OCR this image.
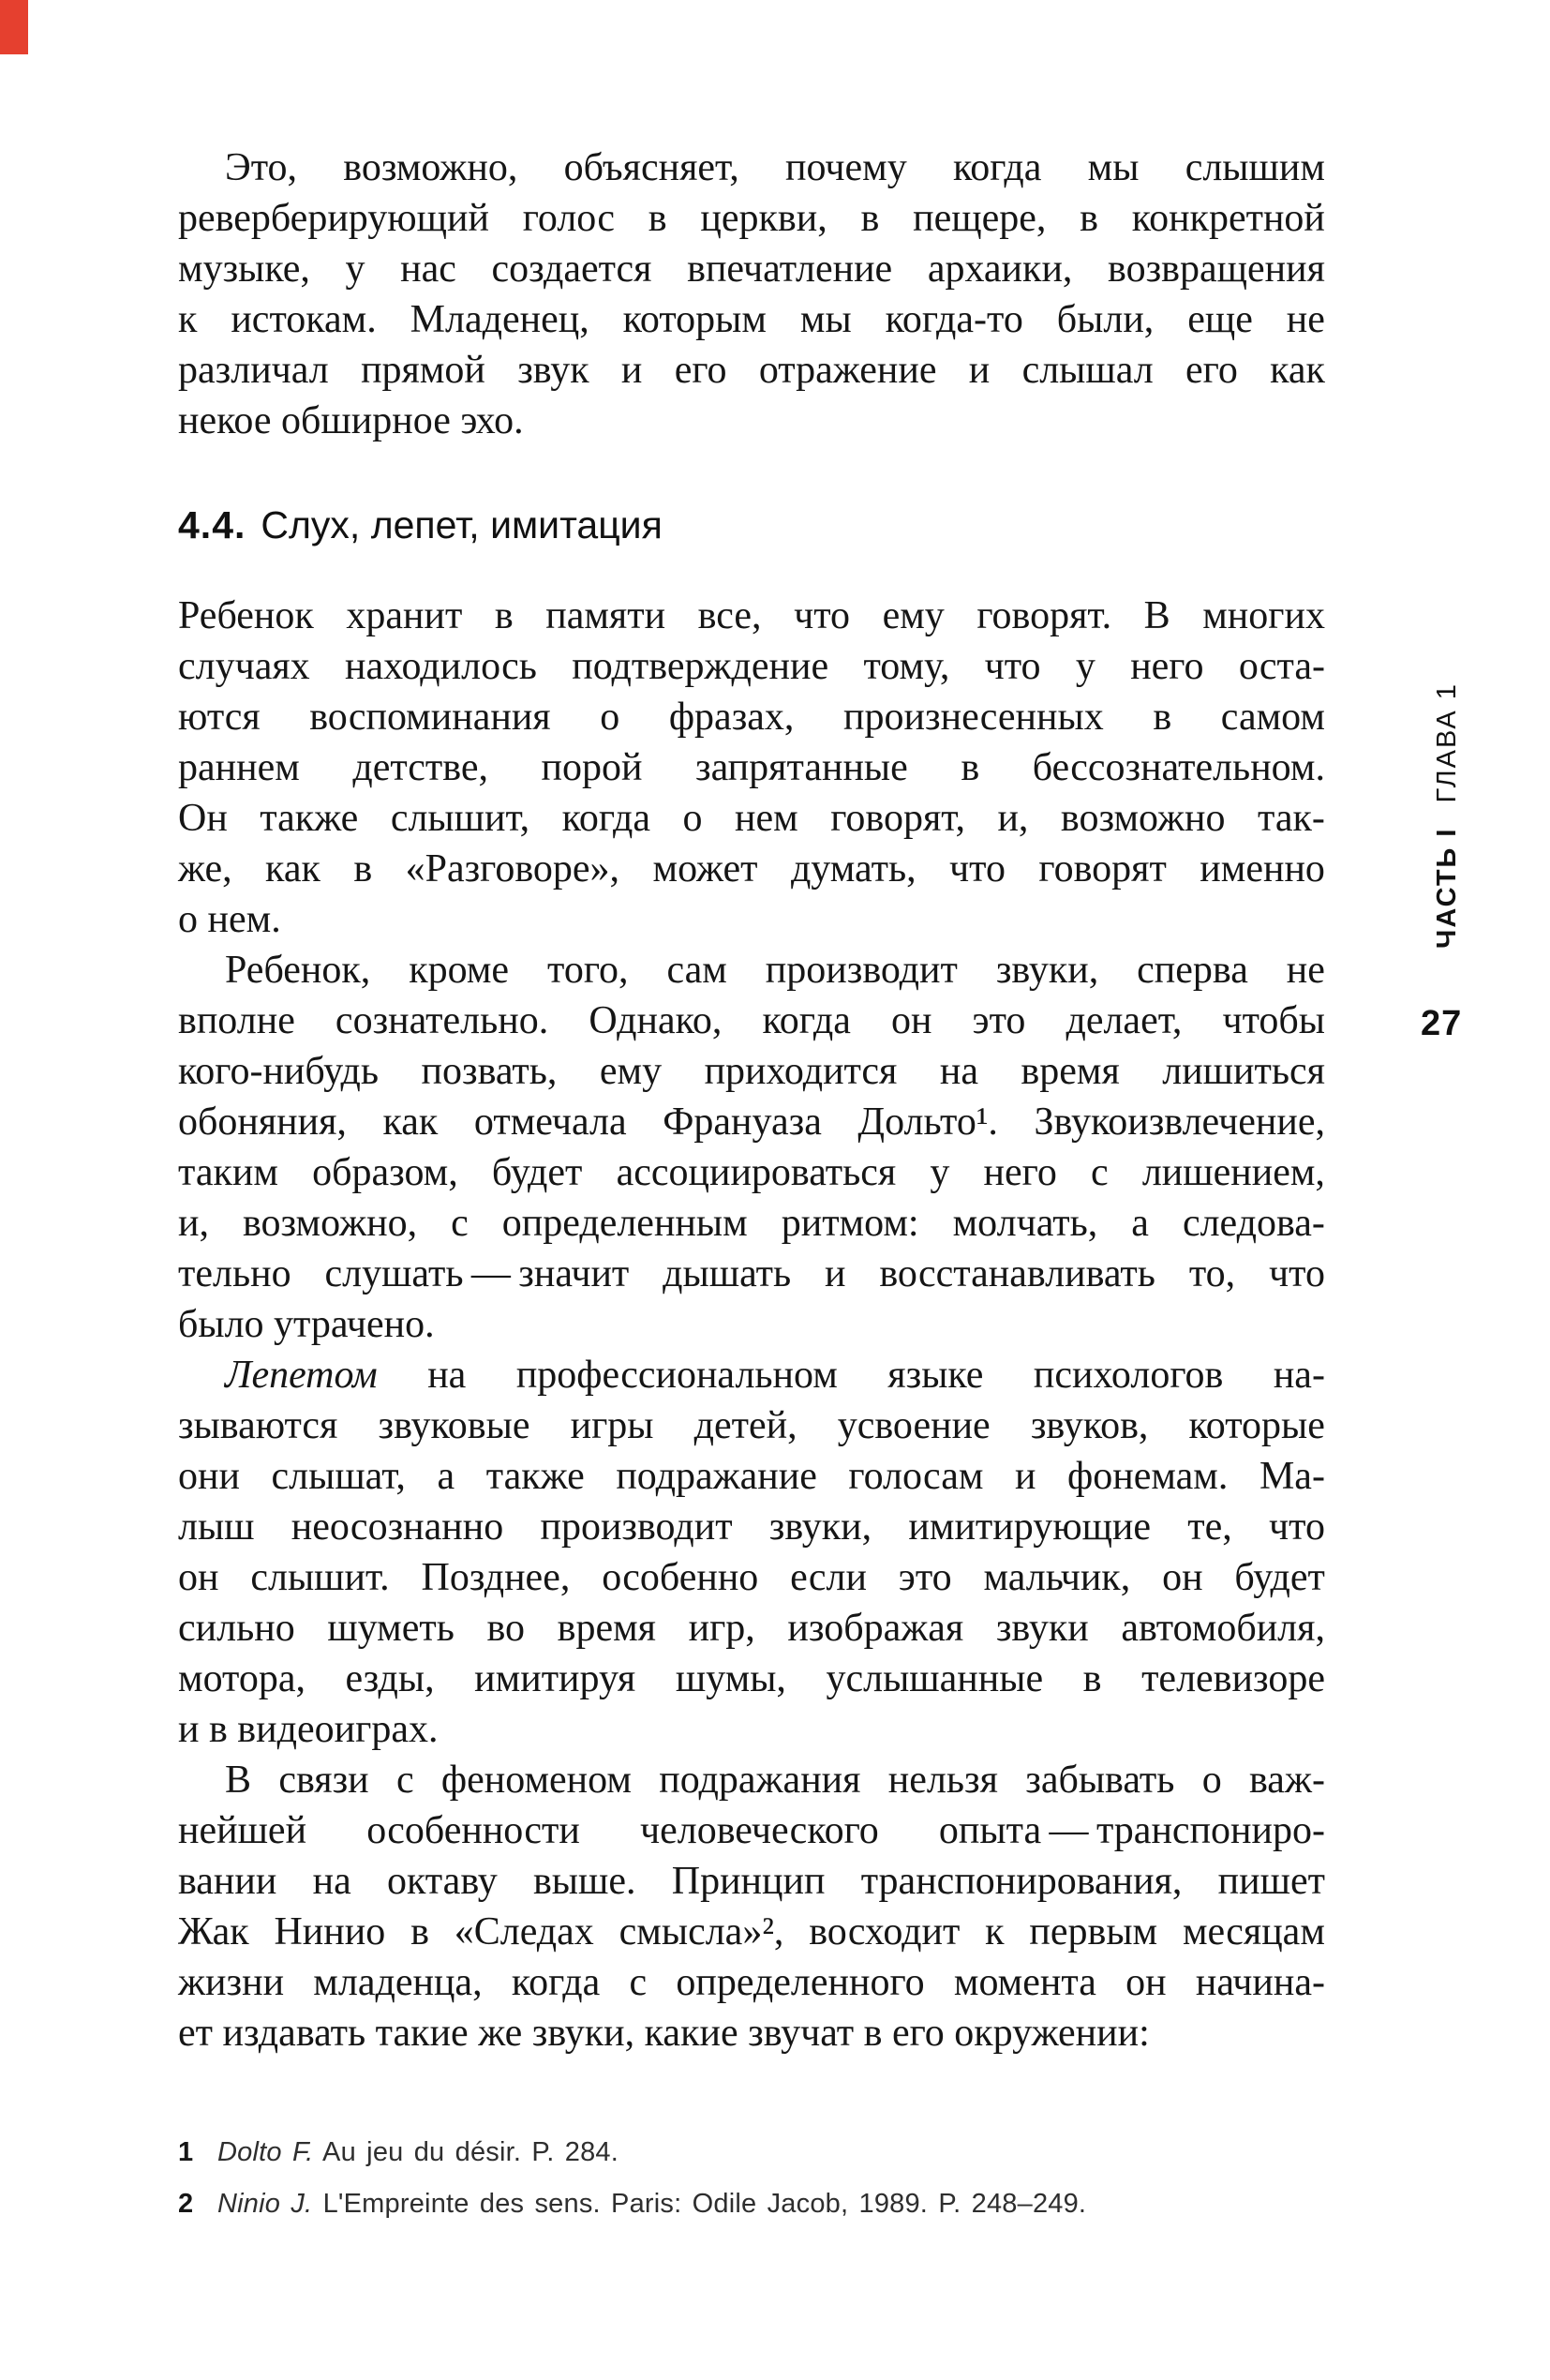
Это, возможно, объясняет, почему когда мы слышим
реверберирующий голос в церкви, в пещере, в конкретной
музыке, у нас создается впечатление архаики, возвращения
к истокам. Младенец, которым мы когда-то были, еще не
различал прямой звук и его отражение и слышал его как
некое обширное эхо.
4.4. Слух, лепет, имитация
Ребенок хранит в памяти все, что ему говорят. В многих
случаях находилось подтверждение тому, что у него оста-
ются воспоминания о фразах, произнесенных в самом
раннем детстве, порой запрятанные в бессознательном.
Он также слышит, когда о нем говорят, и, возможно так-
же, как в «Разговоре», может думать, что говорят именно
о нем.
Ребенок, кроме того, сам производит звуки, сперва не
вполне сознательно. Однако, когда он это делает, чтобы
кого-нибудь позвать, ему приходится на время лишиться
обоняния, как отмечала Франуаза Дольто¹. Звукоизвлечение,
таким образом, будет ассоциироваться у него с лишением,
и, возможно, с определенным ритмом: молчать, а следова-
тельно слушать — значит дышать и восстанавливать то, что
было утрачено.
Лепетом на профессиональном языке психологов на-
зываются звуковые игры детей, усвоение звуков, которые
они слышат, а также подражание голосам и фонемам. Ма-
лыш неосознанно производит звуки, имитирующие те, что
он слышит. Позднее, особенно если это мальчик, он будет
сильно шуметь во время игр, изображая звуки автомобиля,
мотора, езды, имитируя шумы, услышанные в телевизоре
и в видеоиграх.
В связи с феноменом подражания нельзя забывать о важ-
нейшей особенности человеческого опыта — транспониро-
вании на октаву выше. Принцип транспонирования, пишет
Жак Нинио в «Следах смысла»², восходит к первым месяцам
жизни младенца, когда с определенного момента он начина-
ет издавать такие же звуки, какие звучат в его окружении:
1 Dolto F. Au jeu du désir. P. 284.
2 Ninio J. L'Empreinte des sens. Paris: Odile Jacob, 1989. P. 248–249.
ЧАСТЬ IГЛАВА 1
27
